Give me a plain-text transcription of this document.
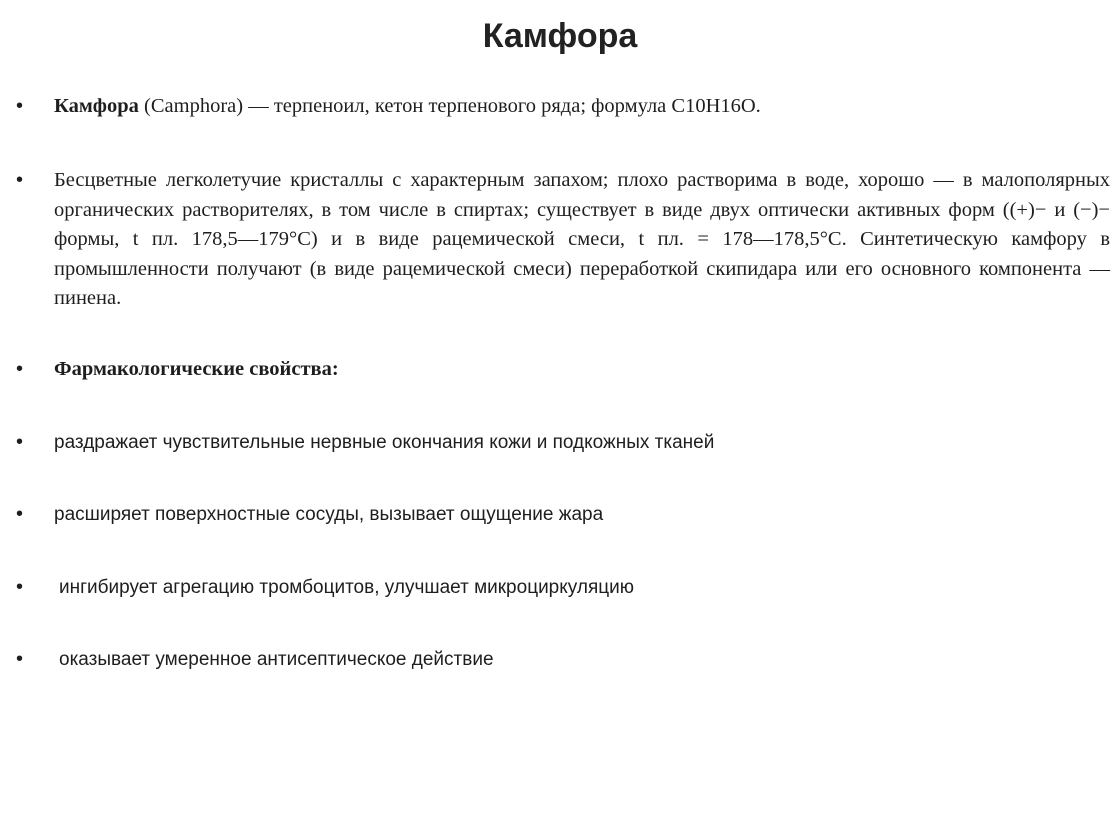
Камфора
• Камфора (Camphora) — терпеноил, кетон терпенового ряда; формула C10H16O.
• Бесцветные легколетучие кристаллы с характерным запахом; плохо растворима в воде, хорошо — в малополярных органических растворителях, в том числе в спиртах; существует в виде двух оптически активных форм ((+)− и (−)− формы, t пл. 178,5—179°C) и в виде рацемической смеси, t пл. = 178—178,5°C. Синтетическую камфору в промышленности получают (в виде рацемической смеси) переработкой скипидара или его основного компонента — пинена.
• Фармакологические свойства:
• раздражает чувствительные нервные окончания кожи и подкожных тканей
• расширяет поверхностные сосуды, вызывает ощущение жара
• ингибирует агрегацию тромбоцитов, улучшает микроциркуляцию
• оказывает умеренное антисептическое действие
